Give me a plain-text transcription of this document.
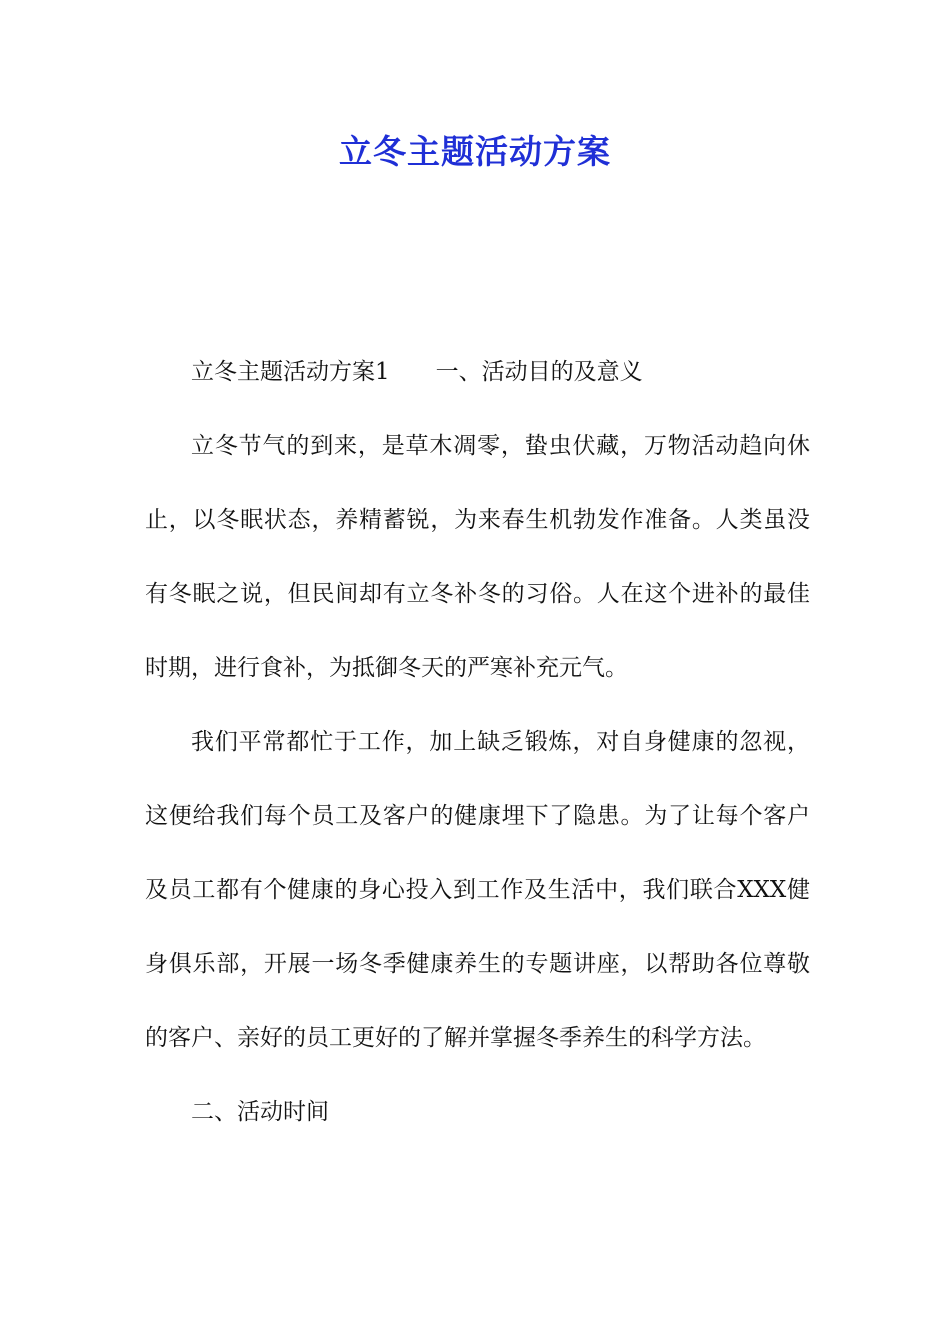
立冬主题活动方案

立冬主题活动方案1 一、活动目的及意义

立冬节气的到来，是草木凋零，蛰虫伏藏，万物活动趋向休止，以冬眠状态，养精蓄锐，为来春生机勃发作准备。人类虽没有冬眠之说，但民间却有立冬补冬的习俗。人在这个进补的最佳时期，进行食补，为抵御冬天的严寒补充元气。

我们平常都忙于工作，加上缺乏锻炼，对自身健康的忽视，这便给我们每个员工及客户的健康埋下了隐患。为了让每个客户及员工都有个健康的身心投入到工作及生活中，我们联合XXX健身俱乐部，开展一场冬季健康养生的专题讲座，以帮助各位尊敬的客户、亲好的员工更好的了解并掌握冬季养生的科学方法。

二、活动时间
